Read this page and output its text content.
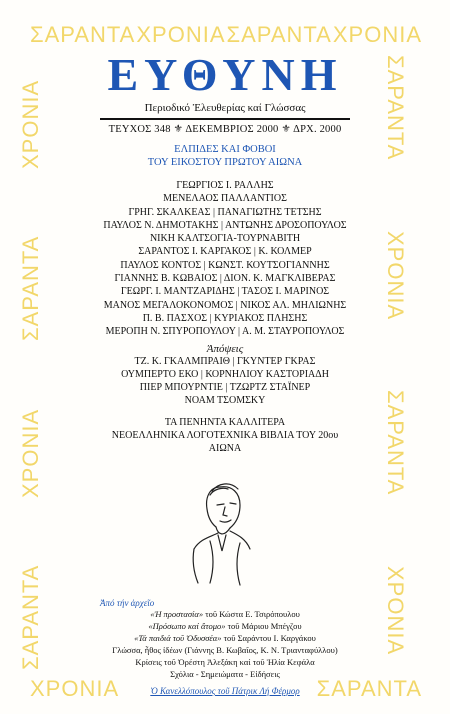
ΣΑΡΑΝΤΑ ΧΡΟΝΙΑ ΣΑΡΑΝΤΑ ΧΡΟΝΙΑ
ΣΑΡΑΝΤΑ
ΧΡΟΝΙΑ
ΣΑΡΑΝΤΑ
ΧΡΟΝΙΑ	ΣΑΡΑΝΤΑ
ΧΡΟΝΙΑ
ΣΑΡΑΝΤΑ
ΧΡΟΝΙΑ
ΧΡΟΝΙΑ	ΣΑΡΑΝΤΑ
ΕΥΘΥΝΗ
Περιοδικό Ἐλευθερίας καί Γλώσσας
ΤΕΥΧΟΣ 348 ⚜ ΔΕΚΕΜΒΡΙΟΣ 2000 ⚜ ΔΡΧ. 2000
ΕΛΠΙΔΕΣ ΚΑΙ ΦΟΒΟΙ
ΤΟΥ ΕΙΚΟΣΤΟΥ ΠΡΩΤΟΥ ΑΙΩΝΑ
ΓΕΩΡΓΙΟΣ Ι. ΡΑΛΛΗΣ
ΜΕΝΕΛΑΟΣ ΠΑΛΛΑΝΤΙΟΣ
ΓΡΗΓ. ΣΚΑΛΚΕΑΣ | ΠΑΝΑΓΙΩΤΗΣ ΤΕΤΣΗΣ
ΠΑΥΛΟΣ Ν. ΔΗΜΟΤΑΚΗΣ | ΑΝΤΩΝΗΣ ΔΡΟΣΟΠΟΥΛΟΣ
ΝΙΚΗ ΚΑΛΤΣΟΓΙΑ-ΤΟΥΡΝΑΒΙΤΗ
ΣΑΡΑΝΤΟΣ Ι. ΚΑΡΓΑΚΟΣ | Κ. ΚΟΛΜΕΡ
ΠΑΥΛΟΣ ΚΟΝΤΟΣ | ΚΩΝΣΤ. ΚΟΥΤΣΟΓΙΑΝΝΗΣ
ΓΙΑΝΝΗΣ Β. ΚΩΒΑΙΟΣ | ΔΙΟΝ. Κ. ΜΑΓΚΛΙΒΕΡΑΣ
ΓΕΩΡΓ. Ι. ΜΑΝΤΖΑΡΙΔΗΣ | ΤΑΣΟΣ Ι. ΜΑΡΙΝΟΣ
ΜΑΝΟΣ ΜΕΓΑΛΟΚΟΝΟΜΟΣ | ΝΙΚΟΣ ΑΛ. ΜΗΛΙΩΝΗΣ
Π. Β. ΠΑΣΧΟΣ | ΚΥΡΙΑΚΟΣ ΠΛΗΣΗΣ
ΜΕΡΟΠΗ Ν. ΣΠΥΡΟΠΟΥΛΟΥ | Α. Μ. ΣΤΑΥΡΟΠΟΥΛΟΣ
Ἀπόψεις
ΤΖ. Κ. ΓΚΑΛΜΠΡΑΙΘ | ΓΚΥΝΤΕΡ ΓΚΡΑΣ
ΟΥΜΠΕΡΤΟ ΕΚΟ | ΚΟΡΝΗΛΙΟΥ ΚΑΣΤΟΡΙΑΔΗ
ΠΙΕΡ ΜΠΟΥΡΝΤΙΕ | ΤΖΩΡΤΖ ΣΤΑΪΝΕΡ
ΝΟΑΜ ΤΣΟΜΣΚΥ
ΤΑ ΠΕΝΗΝΤΑ ΚΑΛΛΙΤΕΡΑ
ΝΕΟΕΛΛΗΝΙΚΑ ΛΟΓΟΤΕΧΝΙΚΑ ΒΙΒΛΙΑ ΤΟΥ 20ου ΑΙΩΝΑ
Ἀπό τήν ἀρχεῖο
«Ἡ προστασία» τοῦ Κώστα Ε. Τσιρόπουλου
«Πρόσωπο καί ἄτομο» τοῦ Μάριου Μπέγζου
«Τά παιδιά τοῦ Ὀδυσσέα» τοῦ Σαράντου Ι. Καργάκου
Γλώσσα, ἦθος ἰδέων (Γιάννης Β. Κωβαῖος, Κ. Ν. Τριανταφύλλου)
Κρίσεις τοῦ Ὀρέστη Ἀλεξάκη καί τοῦ Ἠλία Κεφάλα
Σχόλια - Σημειώματα - Εἰδήσεις
Ὁ Κανελλόπουλος τοῦ Πάτρικ Λή Φέρμορ
